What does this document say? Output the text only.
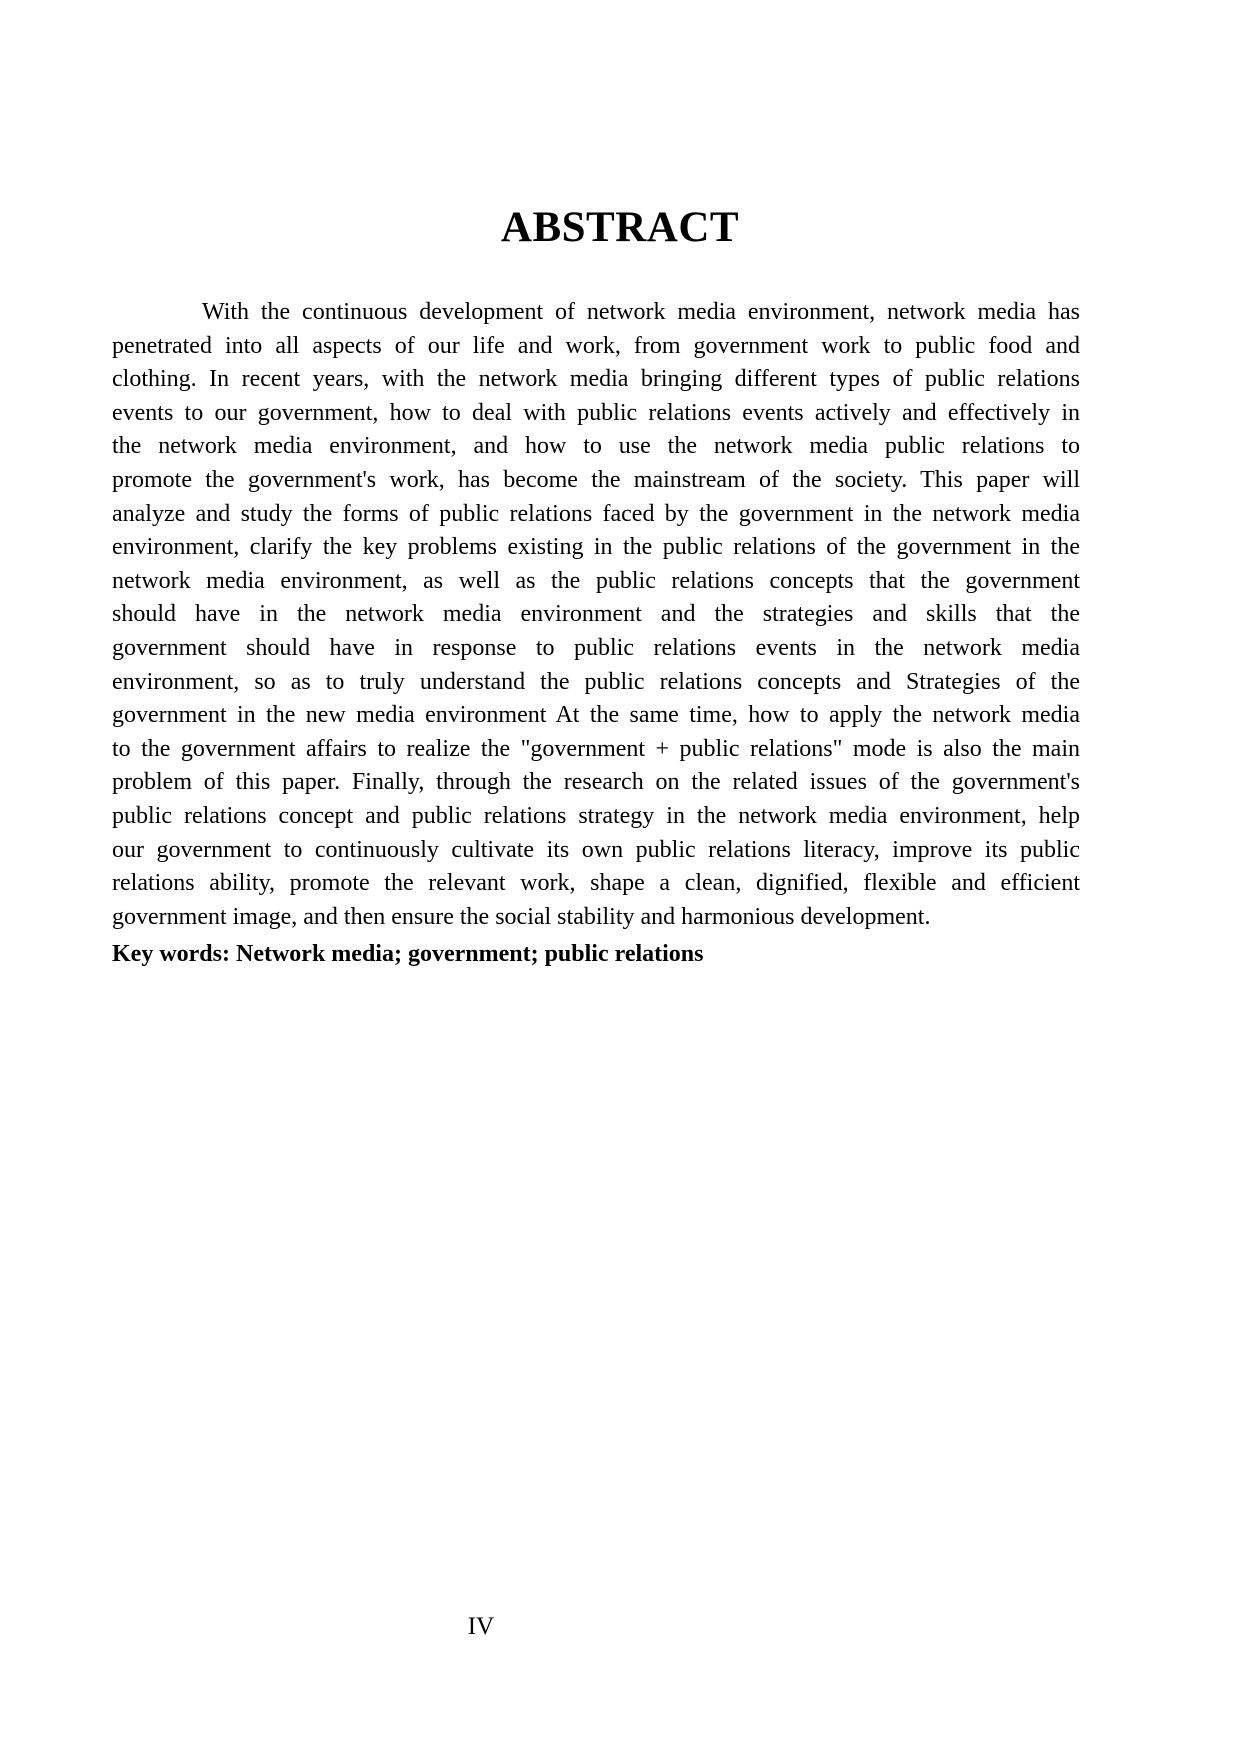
ABSTRACT
With the continuous development of network media environment, network media has
penetrated into all aspects of our life and work, from government work to public food and
clothing. In recent years, with the network media bringing different types of public relations
events to our government, how to deal with public relations events actively and effectively in
the network media environment, and how to use the network media public relations to
promote the government's work, has become the mainstream of the society. This paper will
analyze and study the forms of public relations faced by the government in the network media
environment, clarify the key problems existing in the public relations of the government in the
network media environment, as well as the public relations concepts that the government
should have in the network media environment and the strategies and skills that the
government should have in response to public relations events in the network media
environment, so as to truly understand the public relations concepts and Strategies of the
government in the new media environment At the same time, how to apply the network media
to the government affairs to realize the "government + public relations" mode is also the main
problem of this paper. Finally, through the research on the related issues of the government's
public relations concept and public relations strategy in the network media environment, help
our government to continuously cultivate its own public relations literacy, improve its public
relations ability, promote the relevant work, shape a clean, dignified, flexible and efficient
government image, and then ensure the social stability and harmonious development.

Key words: Network media; government; public relations

IV
